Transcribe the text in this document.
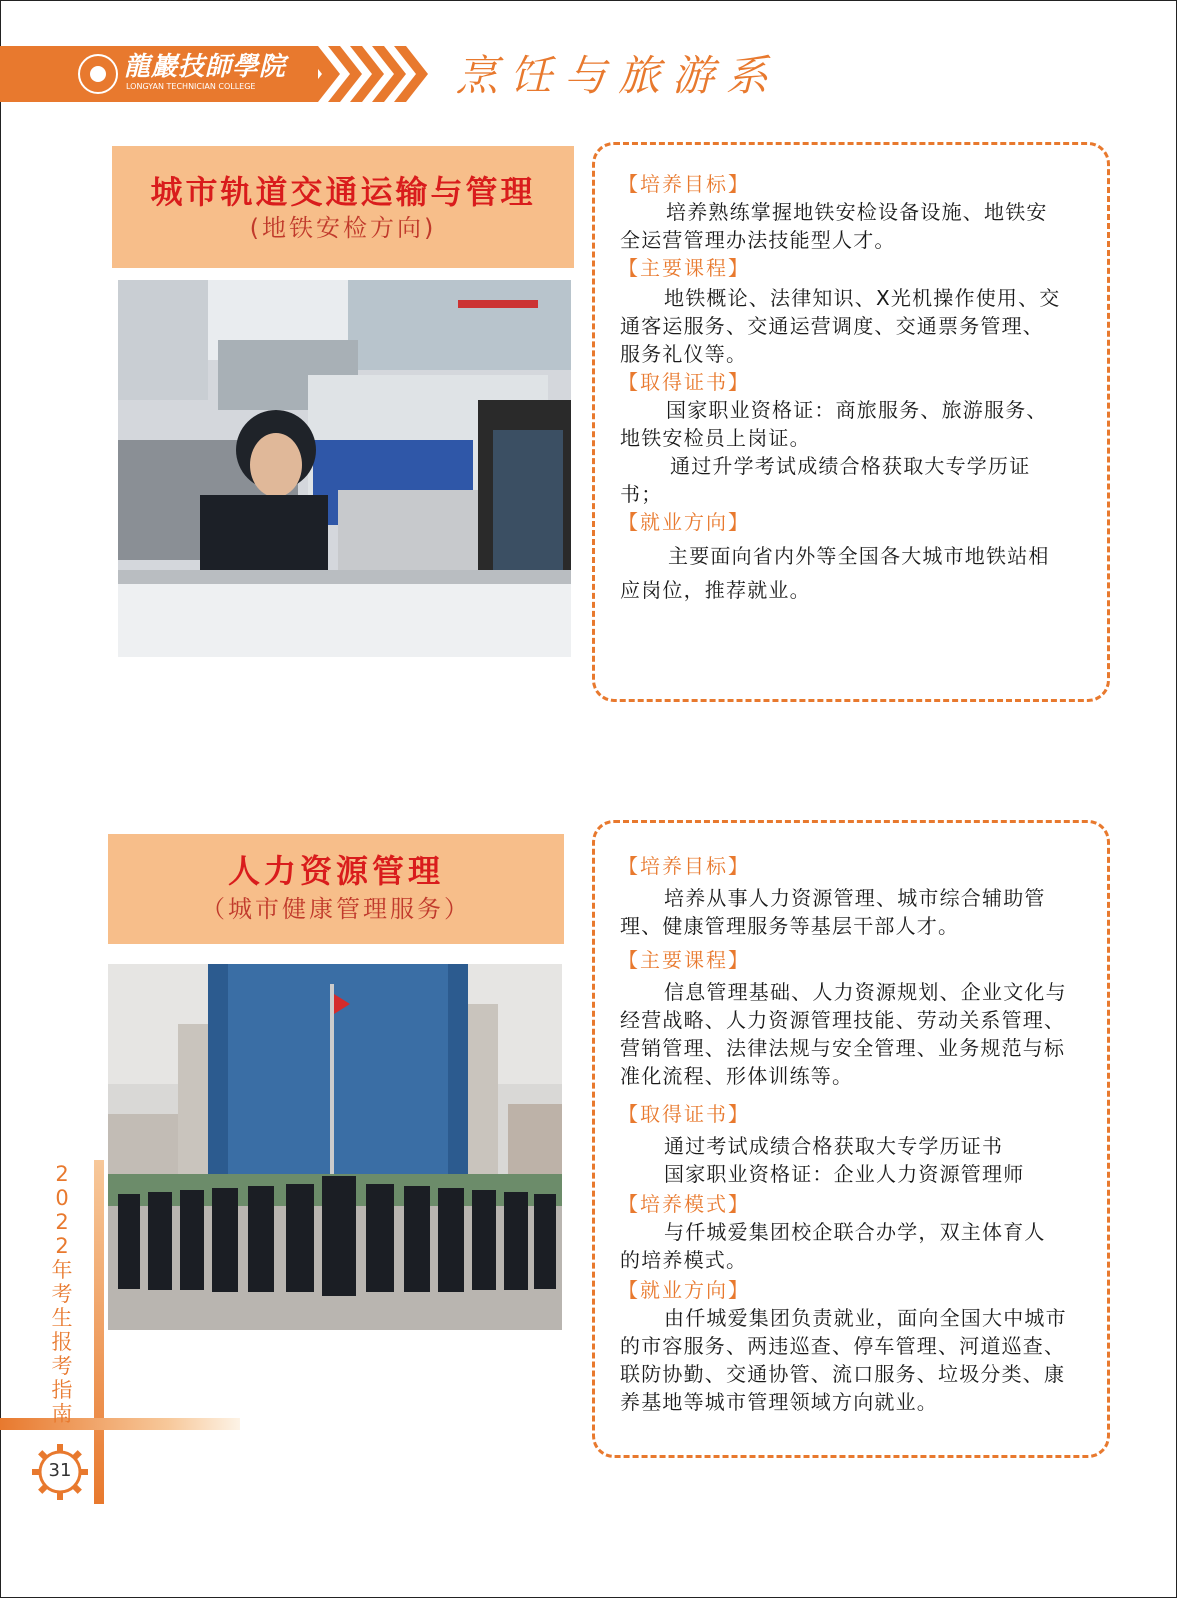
龍巖技師學院
LONGYAN TECHNICIAN COLLEGE	烹饪与旅游系
城市轨道交通运输与管理
(地铁安检方向)
【培养目标】
培养熟练掌握地铁安检设备设施、地铁安
全运营管理办法技能型人才。
【主要课程】
地铁概论、法律知识、X光机操作使用、交
通客运服务、交通运营调度、交通票务管理、
服务礼仪等。
【取得证书】
国家职业资格证：商旅服务、旅游服务、
地铁安检员上岗证。
通过升学考试成绩合格获取大专学历证
书；
【就业方向】
主要面向省内外等全国各大城市地铁站相
应岗位，推荐就业。
人力资源管理
（城市健康管理服务）
【培养目标】
培养从事人力资源管理、城市综合辅助管
理、健康管理服务等基层干部人才。
【主要课程】
信息管理基础、人力资源规划、企业文化与
经营战略、人力资源管理技能、劳动关系管理、
营销管理、法律法规与安全管理、业务规范与标
准化流程、形体训练等。
【取得证书】
通过考试成绩合格获取大专学历证书
国家职业资格证：企业人力资源管理师
【培养模式】
与仟城爱集团校企联合办学，双主体育人
的培养模式。
【就业方向】
由仟城爱集团负责就业，面向全国大中城市
的市容服务、两违巡查、停车管理、河道巡查、
联防协勤、交通协管、流口服务、垃圾分类、康
养基地等城市管理领域方向就业。
2022年考生报考指南
31
